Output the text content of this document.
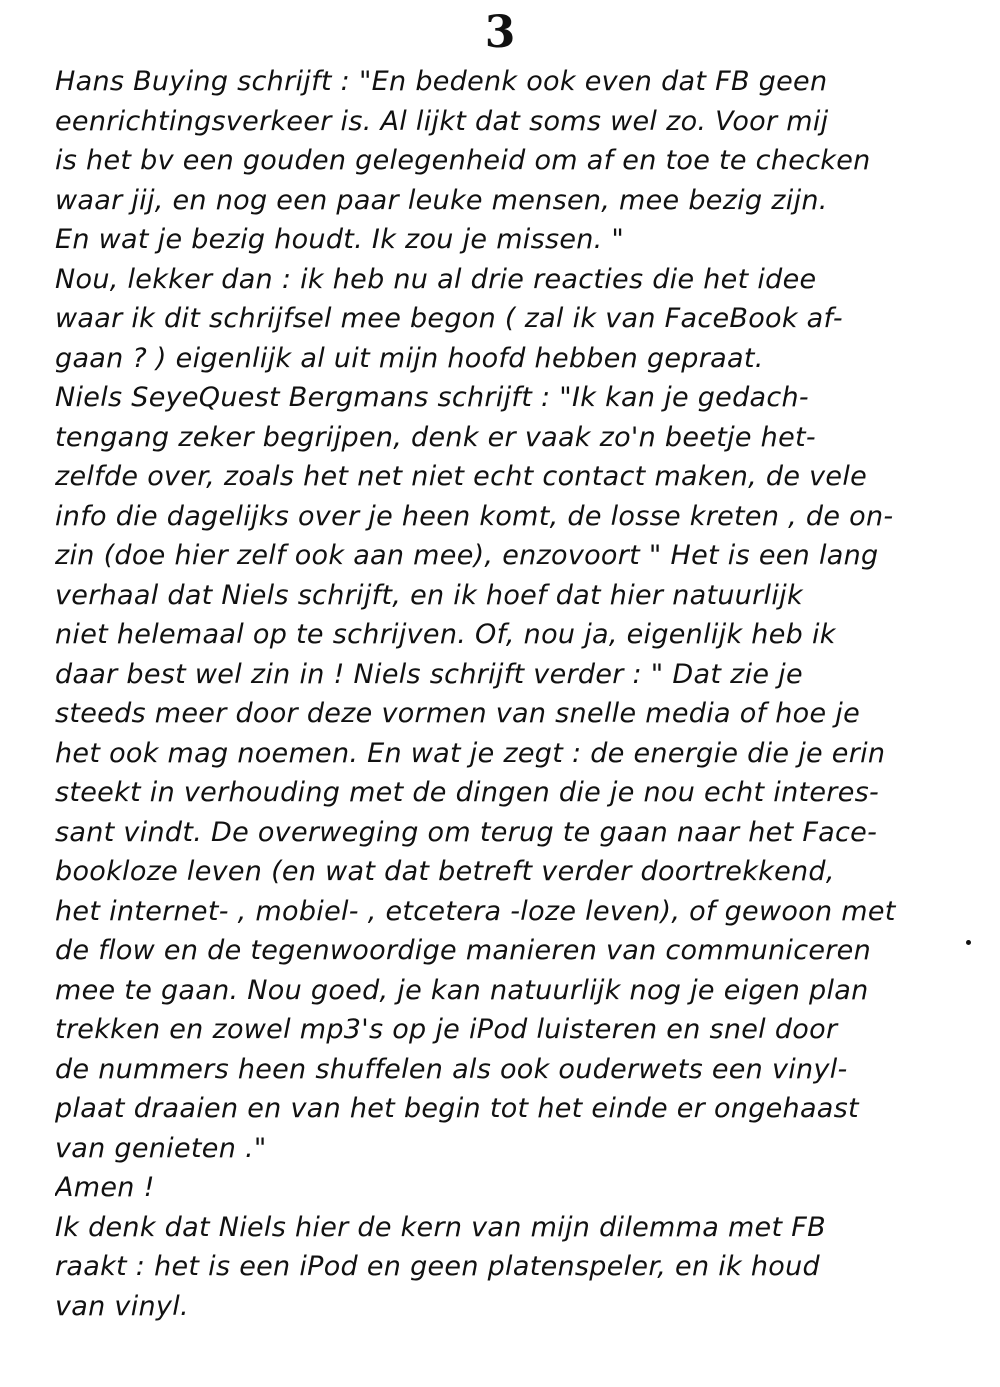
3
Hans Buying schrijft : "En bedenk ook even dat FB geen
eenrichtingsverkeer is. Al lijkt dat soms wel zo. Voor mij
is het bv een gouden gelegenheid om af en toe te checken
waar jij, en nog een paar leuke mensen, mee bezig zijn.
En wat je bezig houdt. Ik zou je missen. "
Nou, lekker dan : ik heb nu al drie reacties die het idee
waar ik dit schrijfsel mee begon ( zal ik van FaceBook af-
gaan ? ) eigenlijk al uit mijn hoofd hebben gepraat.
Niels SeyeQuest Bergmans schrijft : "Ik kan je gedach-
tengang zeker begrijpen, denk er vaak zo'n beetje het-
zelfde over, zoals het net niet echt contact maken, de vele
info die dagelijks over je heen komt, de losse kreten , de on-
zin (doe hier zelf ook aan mee), enzovoort " Het is een lang
verhaal dat Niels schrijft, en ik hoef dat hier natuurlijk
niet helemaal op te schrijven. Of, nou ja, eigenlijk heb ik
daar best wel zin in ! Niels schrijft verder : " Dat zie je
steeds meer door deze vormen van snelle media of hoe je
het ook mag noemen. En wat je zegt : de energie die je erin
steekt in verhouding met de dingen die je nou echt interes-
sant vindt. De overweging om terug te gaan naar het Face-
bookloze leven (en wat dat betreft verder doortrekkend,
het internet- , mobiel- , etcetera -loze leven), of gewoon met
de flow en de tegenwoordige manieren van communiceren
mee te gaan. Nou goed, je kan natuurlijk nog je eigen plan
trekken en zowel mp3's op je iPod luisteren en snel door
de nummers heen shuffelen als ook ouderwets een vinyl-
plaat draaien en van het begin tot het einde er ongehaast
van genieten ."
Amen !
Ik denk dat Niels hier de kern van mijn dilemma met FB
raakt : het is een iPod en geen platenspeler, en ik houd
van vinyl.
